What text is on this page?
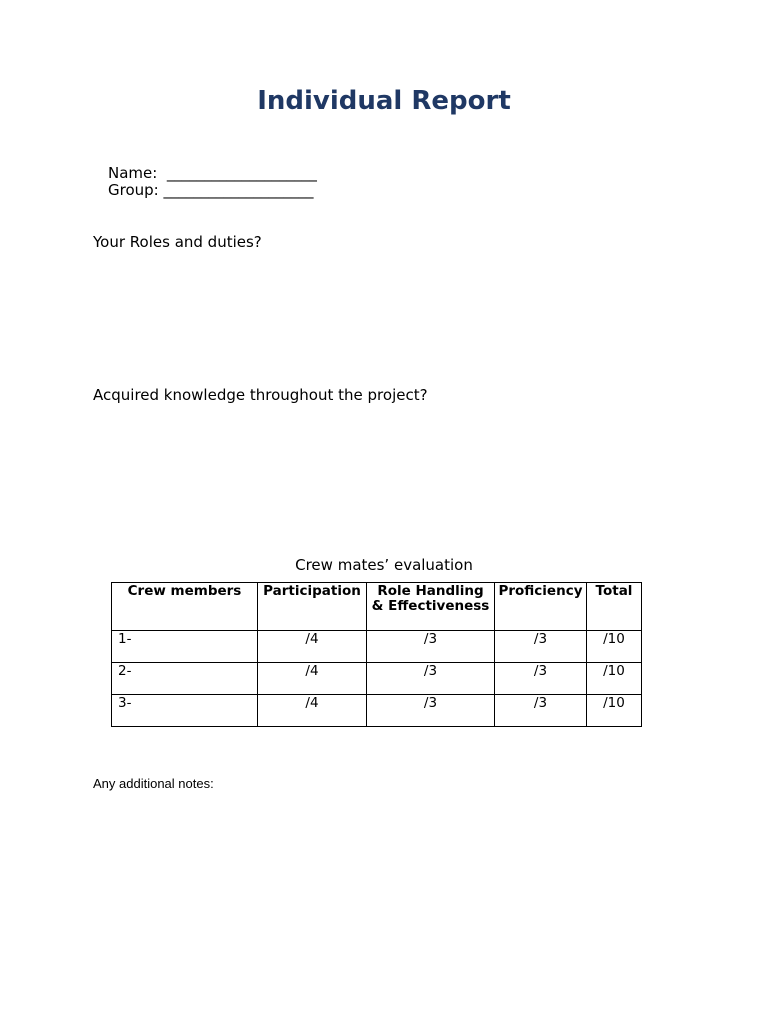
Individual Report
Name: ____________________
Group: ____________________
Your Roles and duties?
Acquired knowledge throughout the project?
Crew mates’ evaluation
Crew members	Participation	Role Handling & Effectiveness	Proficiency	Total
1-	/4	/3	/3	/10
2-	/4	/3	/3	/10
3-	/4	/3	/3	/10
Any additional notes:
